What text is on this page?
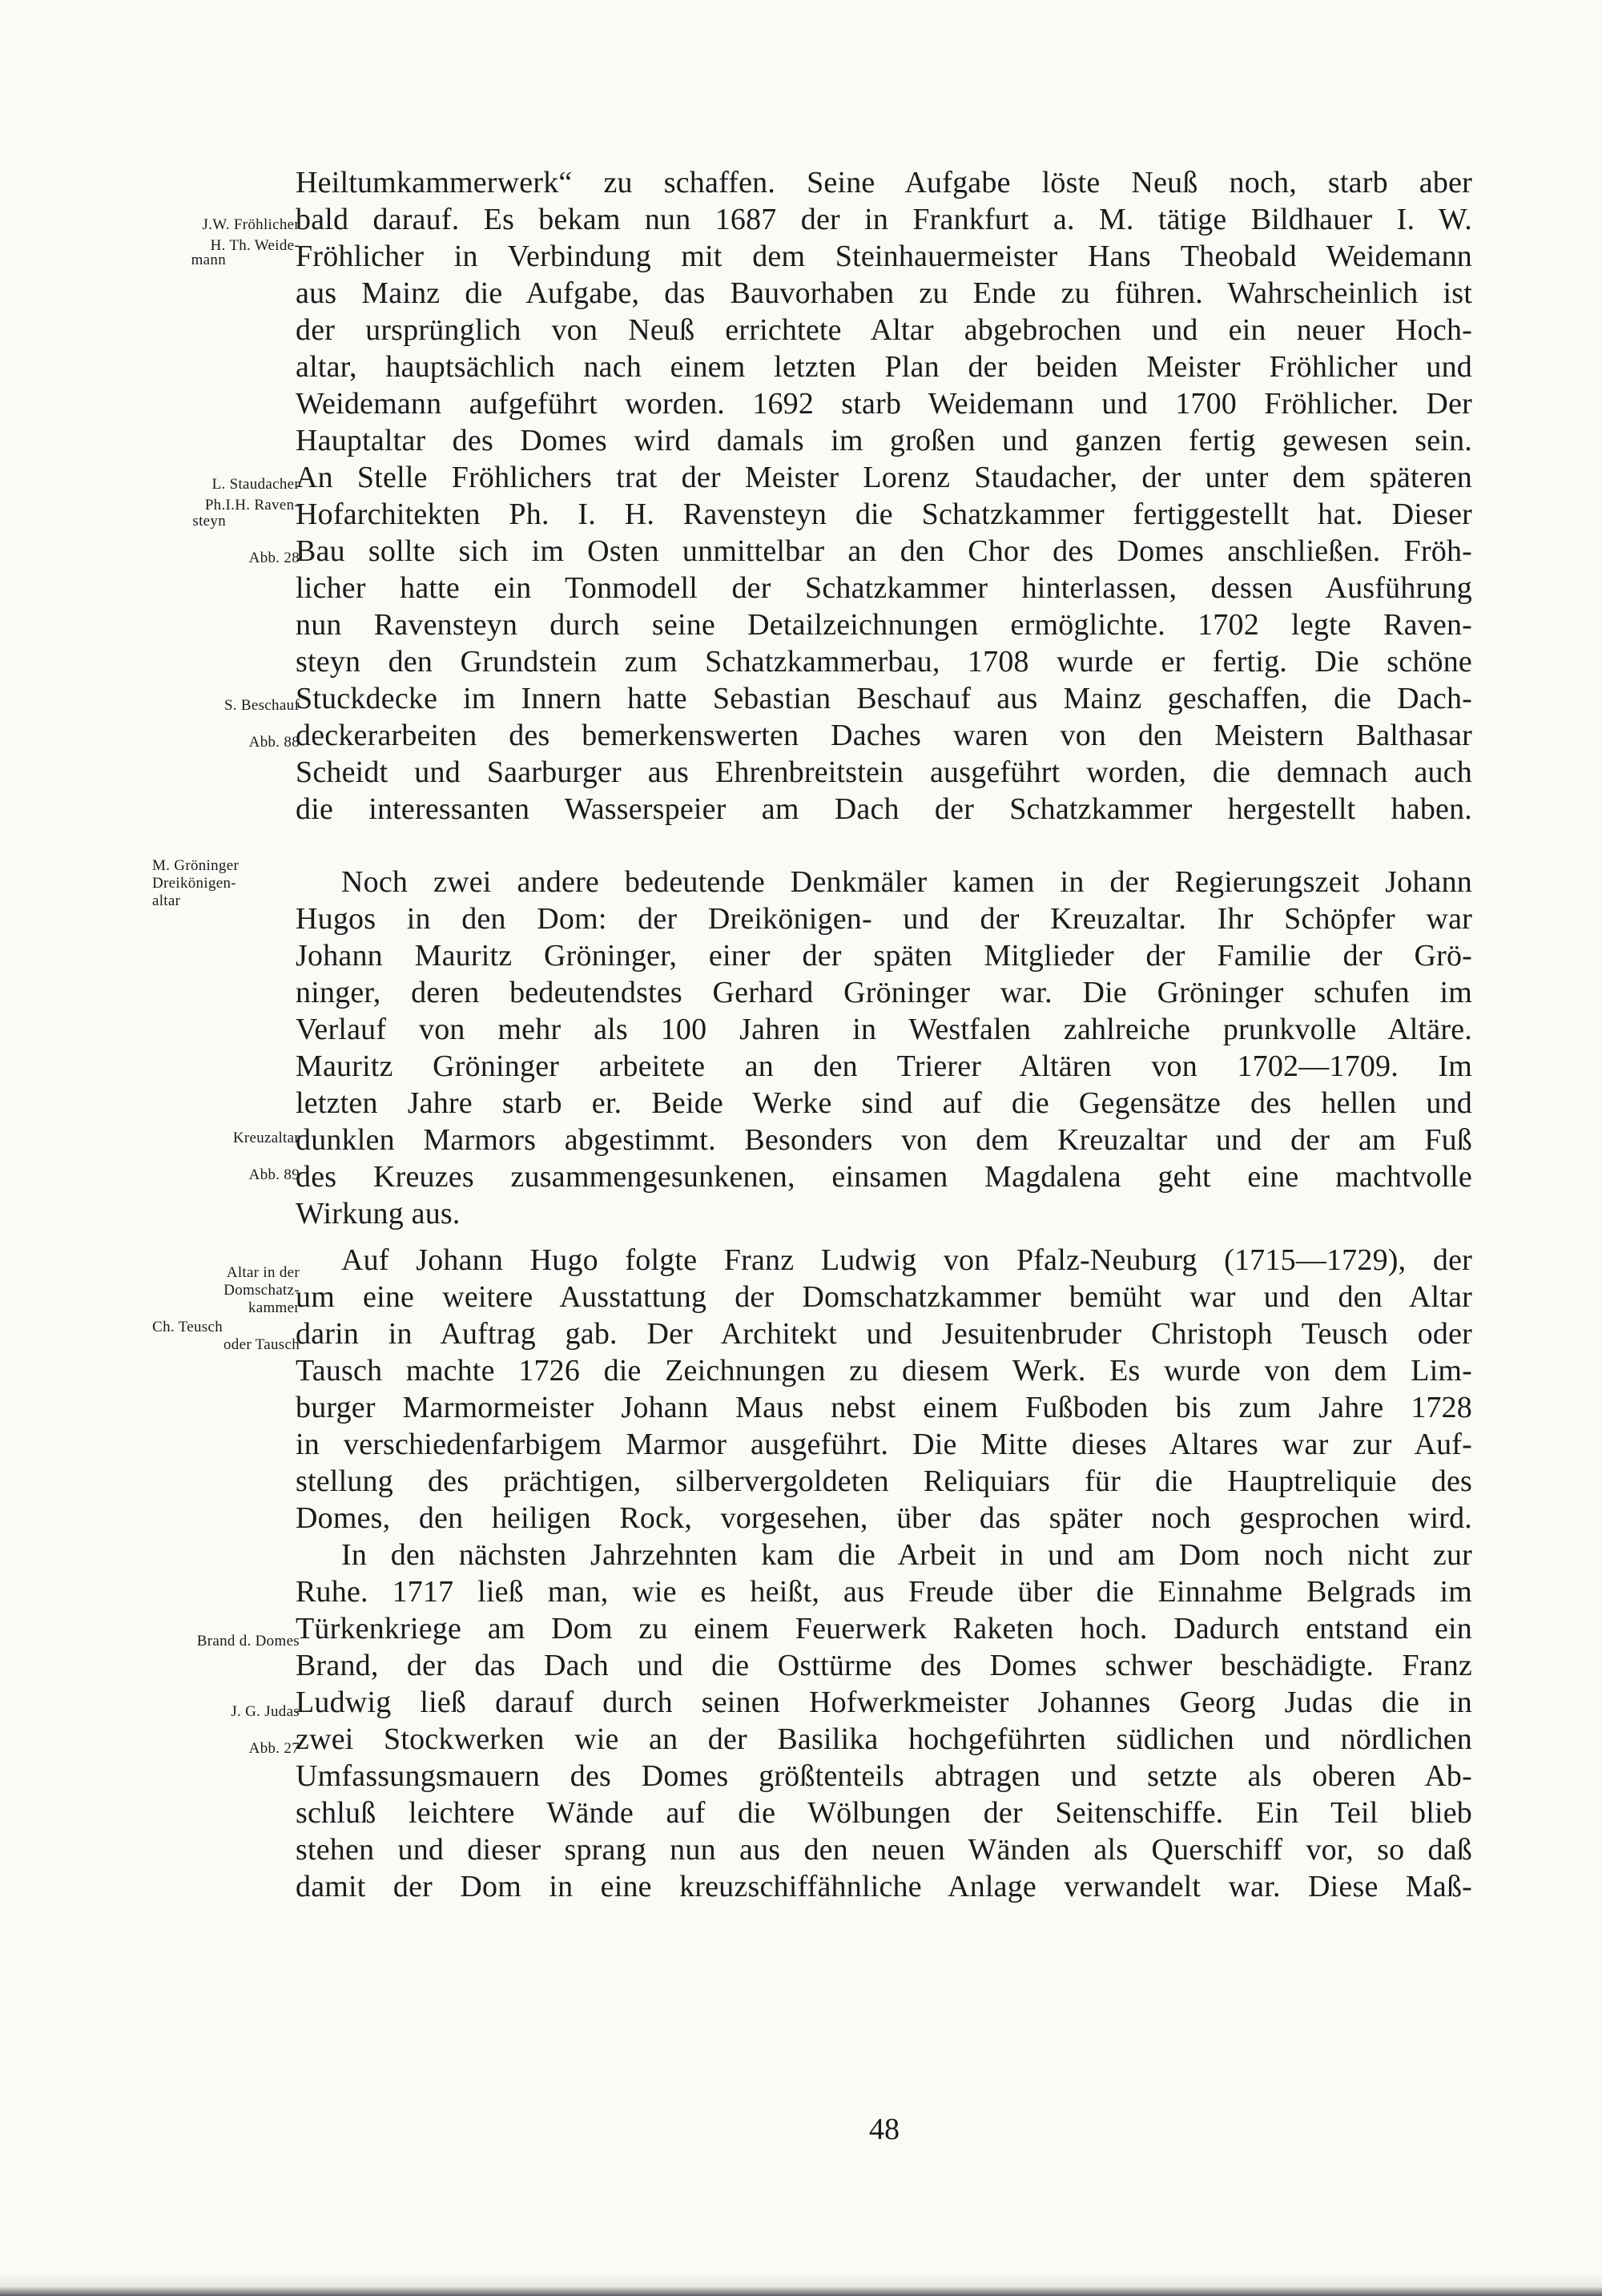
Heiltumkammerwerk“ zu schaffen. Seine Aufgabe löste Neuß noch, starb aber
bald darauf. Es bekam nun 1687 der in Frankfurt a. M. tätige Bildhauer I. W.
Fröhlicher in Verbindung mit dem Steinhauermeister Hans Theobald Weidemann
aus Mainz die Aufgabe, das Bauvorhaben zu Ende zu führen. Wahrscheinlich ist
der ursprünglich von Neuß errichtete Altar abgebrochen und ein neuer Hoch-
altar, hauptsächlich nach einem letzten Plan der beiden Meister Fröhlicher und
Weidemann aufgeführt worden. 1692 starb Weidemann und 1700 Fröhlicher. Der
Hauptaltar des Domes wird damals im großen und ganzen fertig gewesen sein.
An Stelle Fröhlichers trat der Meister Lorenz Staudacher, der unter dem späteren
Hofarchitekten Ph. I. H. Ravensteyn die Schatzkammer fertiggestellt hat. Dieser
Bau sollte sich im Osten unmittelbar an den Chor des Domes anschließen. Fröh-
licher hatte ein Tonmodell der Schatzkammer hinterlassen, dessen Ausführung
nun Ravensteyn durch seine Detailzeichnungen ermöglichte. 1702 legte Raven-
steyn den Grundstein zum Schatzkammerbau, 1708 wurde er fertig. Die schöne
Stuckdecke im Innern hatte Sebastian Beschauf aus Mainz geschaffen, die Dach-
deckerarbeiten des bemerkenswerten Daches waren von den Meistern Balthasar
Scheidt und Saarburger aus Ehrenbreitstein ausgeführt worden, die demnach auch
die interessanten Wasserspeier am Dach der Schatzkammer hergestellt haben.
Noch zwei andere bedeutende Denkmäler kamen in der Regierungszeit Johann
Hugos in den Dom: der Dreikönigen- und der Kreuzaltar. Ihr Schöpfer war
Johann Mauritz Gröninger, einer der späten Mitglieder der Familie der Grö-
ninger, deren bedeutendstes Gerhard Gröninger war. Die Gröninger schufen im
Verlauf von mehr als 100 Jahren in Westfalen zahlreiche prunkvolle Altäre.
Mauritz Gröninger arbeitete an den Trierer Altären von 1702—1709. Im
letzten Jahre starb er. Beide Werke sind auf die Gegensätze des hellen und
dunklen Marmors abgestimmt. Besonders von dem Kreuzaltar und der am Fuß
des Kreuzes zusammengesunkenen, einsamen Magdalena geht eine machtvolle
Wirkung aus.
Auf Johann Hugo folgte Franz Ludwig von Pfalz-Neuburg (1715—1729), der
um eine weitere Ausstattung der Domschatzkammer bemüht war und den Altar
darin in Auftrag gab. Der Architekt und Jesuitenbruder Christoph Teusch oder
Tausch machte 1726 die Zeichnungen zu diesem Werk. Es wurde von dem Lim-
burger Marmormeister Johann Maus nebst einem Fußboden bis zum Jahre 1728
in verschiedenfarbigem Marmor ausgeführt. Die Mitte dieses Altares war zur Auf-
stellung des prächtigen, silbervergoldeten Reliquiars für die Hauptreliquie des
Domes, den heiligen Rock, vorgesehen, über das später noch gesprochen wird.
In den nächsten Jahrzehnten kam die Arbeit in und am Dom noch nicht zur
Ruhe. 1717 ließ man, wie es heißt, aus Freude über die Einnahme Belgrads im
Türkenkriege am Dom zu einem Feuerwerk Raketen hoch. Dadurch entstand ein
Brand, der das Dach und die Osttürme des Domes schwer beschädigte. Franz
Ludwig ließ darauf durch seinen Hofwerkmeister Johannes Georg Judas die in
zwei Stockwerken wie an der Basilika hochgeführten südlichen und nördlichen
Umfassungsmauern des Domes größtenteils abtragen und setzte als oberen Ab-
schluß leichtere Wände auf die Wölbungen der Seitenschiffe. Ein Teil blieb
stehen und dieser sprang nun aus den neuen Wänden als Querschiff vor, so daß
damit der Dom in eine kreuzschiffähnliche Anlage verwandelt war. Diese Maß-
J.W. Fröhlicher
H. Th. Weide-
mann
L. Staudacher
Ph.I.H. Raven-
steyn
Abb. 28
S. Beschauf
Abb. 88
M. Gröninger
Dreikönigen-
altar
Kreuzaltar
Abb. 89
Altar in der
Domschatz-
kammer
Ch. Teusch
oder Tausch
Brand d. Domes
J. G. Judas
Abb. 27
48
